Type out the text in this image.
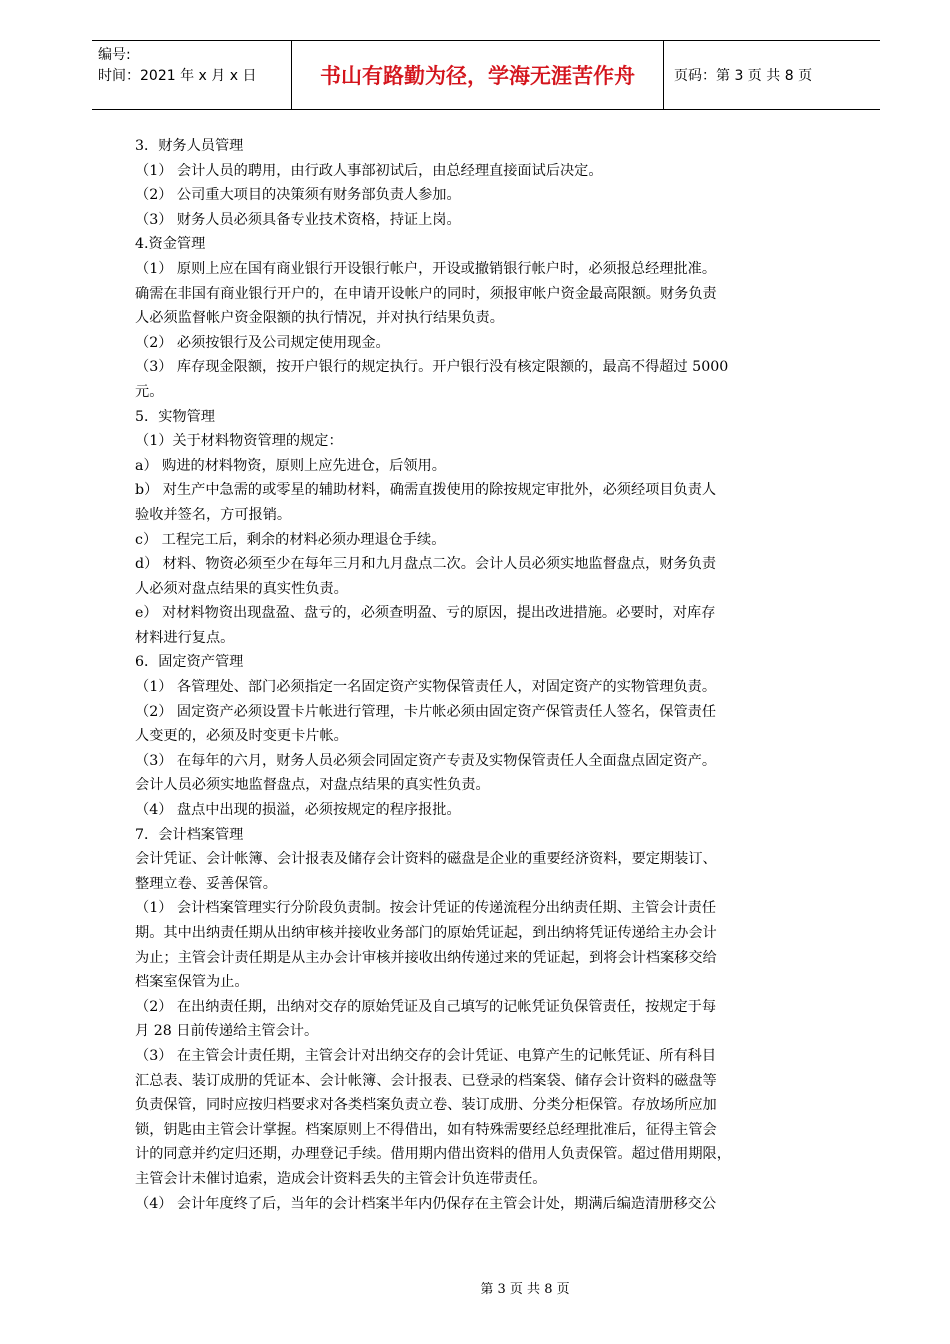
编号:
时间：2021 年 x 月 x 日	书山有路勤为径，学海无涯苦作舟	页码：第 3 页 共 8 页
3．财务人员管理
（1） 会计人员的聘用，由行政人事部初试后，由总经理直接面试后决定。
（2） 公司重大项目的决策须有财务部负责人参加。
（3） 财务人员必须具备专业技术资格，持证上岗。
4.资金管理
（1） 原则上应在国有商业银行开设银行帐户，开设或撤销银行帐户时，必须报总经理批准。
确需在非国有商业银行开户的，在申请开设帐户的同时，须报审帐户资金最高限额。财务负责
人必须监督帐户资金限额的执行情况，并对执行结果负责。
（2） 必须按银行及公司规定使用现金。
（3） 库存现金限额，按开户银行的规定执行。开户银行没有核定限额的，最高不得超过 5000
元。
5．实物管理
（1）关于材料物资管理的规定：
a） 购进的材料物资，原则上应先进仓，后领用。
b） 对生产中急需的或零星的辅助材料，确需直拨使用的除按规定审批外，必须经项目负责人
验收并签名，方可报销。
c） 工程完工后，剩余的材料必须办理退仓手续。
d） 材料、物资必须至少在每年三月和九月盘点二次。会计人员必须实地监督盘点，财务负责
人必须对盘点结果的真实性负责。
e） 对材料物资出现盘盈、盘亏的，必须查明盈、亏的原因，提出改进措施。必要时，对库存
材料进行复点。
6．固定资产管理
（1） 各管理处、部门必须指定一名固定资产实物保管责任人，对固定资产的实物管理负责。
（2） 固定资产必须设置卡片帐进行管理，卡片帐必须由固定资产保管责任人签名，保管责任
人变更的，必须及时变更卡片帐。
（3） 在每年的六月，财务人员必须会同固定资产专责及实物保管责任人全面盘点固定资产。
会计人员必须实地监督盘点，对盘点结果的真实性负责。
（4） 盘点中出现的损溢，必须按规定的程序报批。
7．会计档案管理
会计凭证、会计帐簿、会计报表及储存会计资料的磁盘是企业的重要经济资料，要定期装订、
整理立卷、妥善保管。
（1） 会计档案管理实行分阶段负责制。按会计凭证的传递流程分出纳责任期、主管会计责任
期。其中出纳责任期从出纳审核并接收业务部门的原始凭证起，到出纳将凭证传递给主办会计
为止；主管会计责任期是从主办会计审核并接收出纳传递过来的凭证起，到将会计档案移交给
档案室保管为止。
（2） 在出纳责任期，出纳对交存的原始凭证及自己填写的记帐凭证负保管责任，按规定于每
月 28 日前传递给主管会计。
（3） 在主管会计责任期，主管会计对出纳交存的会计凭证、电算产生的记帐凭证、所有科目
汇总表、装订成册的凭证本、会计帐簿、会计报表、已登录的档案袋、储存会计资料的磁盘等
负责保管，同时应按归档要求对各类档案负责立卷、装订成册、分类分柜保管。存放场所应加
锁，钥匙由主管会计掌握。档案原则上不得借出，如有特殊需要经总经理批准后，征得主管会
计的同意并约定归还期，办理登记手续。借用期内借出资料的借用人负责保管。超过借用期限，
主管会计未催讨追索，造成会计资料丢失的主管会计负连带责任。
（4） 会计年度终了后，当年的会计档案半年内仍保存在主管会计处，期满后编造清册移交公
第 3 页 共 8 页
